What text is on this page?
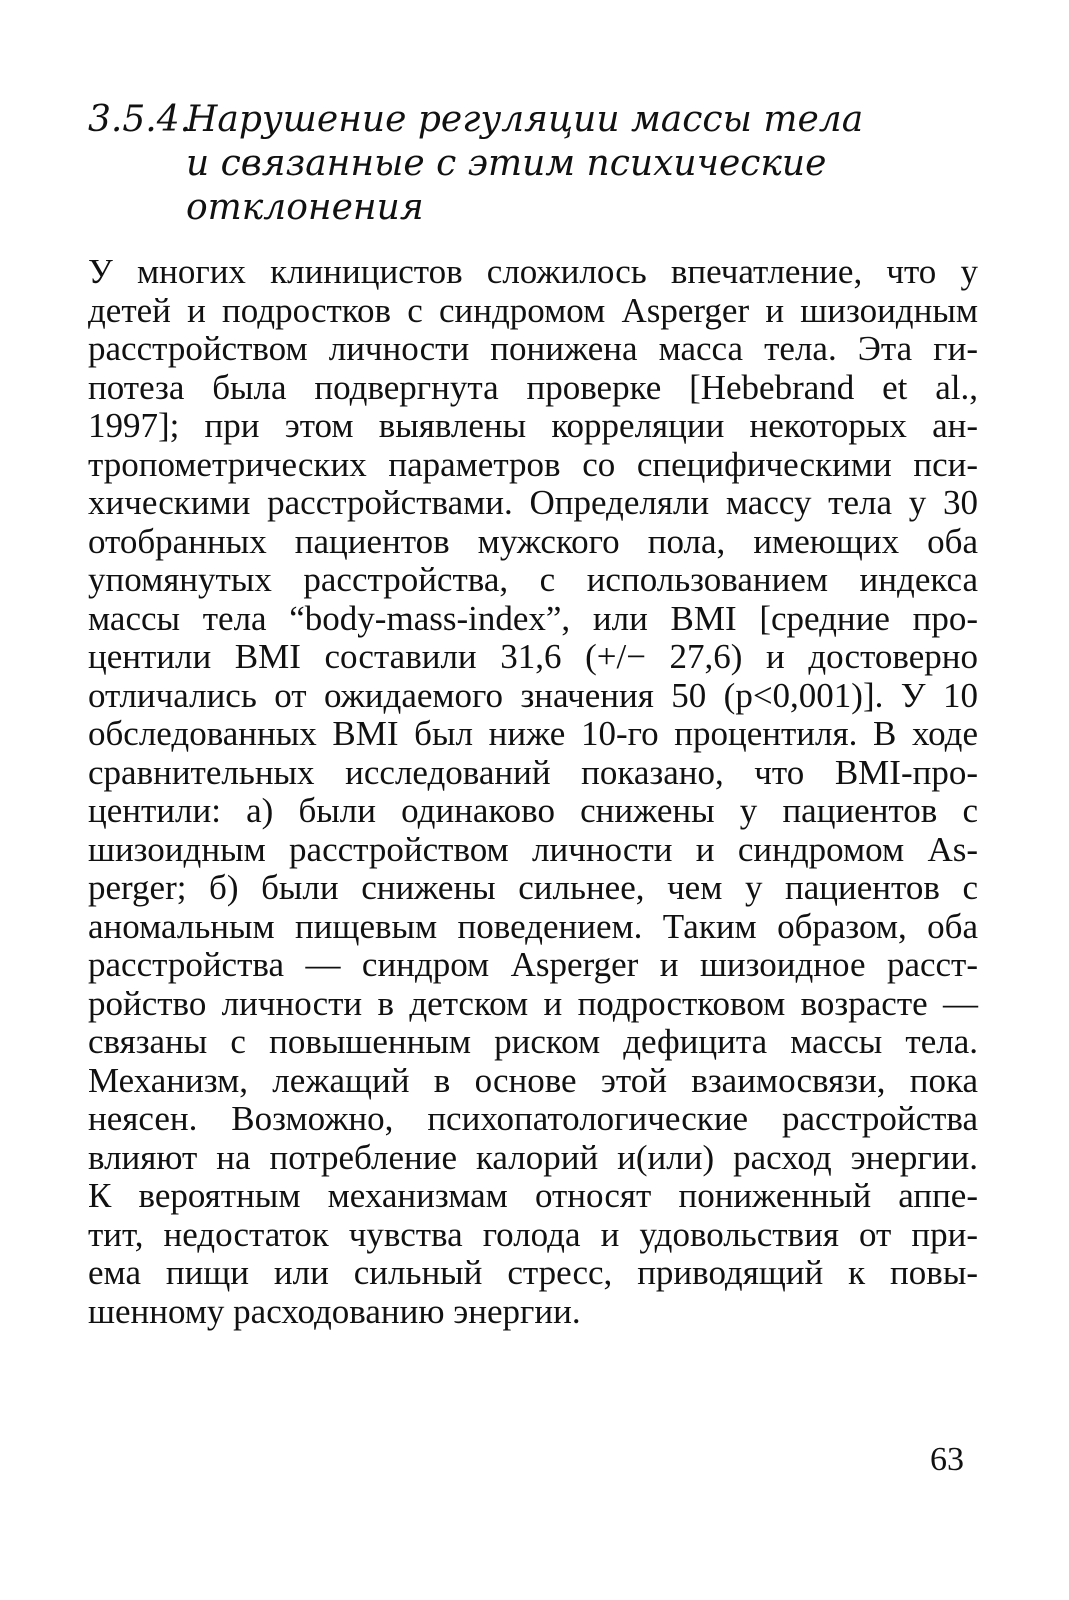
3.5.4.
Нарушение регуляции массы тела
и связанные с этим психические
отклонения
У многих клиницистов сложилось впечатление, что у
детей и подростков с синдромом Asperger и шизоидным
расстройством личности понижена масса тела. Эта ги-
потеза была подвергнута проверке [Hebebrand et al.,
1997]; при этом выявлены корреляции некоторых ан-
тропометрических параметров со специфическими пси-
хическими расстройствами. Определяли массу тела у 30
отобранных пациентов мужского пола, имеющих оба
упомянутых расстройства, с использованием индекса
массы тела “body-mass-index”, или BMI [средние про-
центили BMI составили 31,6 (+/− 27,6) и достоверно
отличались от ожидаемого значения 50 (p<0,001)]. У 10
обследованных BMI был ниже 10-го процентиля. В ходе
сравнительных исследований показано, что BMI-про-
центили: а) были одинаково снижены у пациентов с
шизоидным расстройством личности и синдромом As-
perger; б) были снижены сильнее, чем у пациентов с
аномальным пищевым поведением. Таким образом, оба
расстройства — синдром Asperger и шизоидное расст-
ройство личности в детском и подростковом возрасте —
связаны с повышенным риском дефицита массы тела.
Механизм, лежащий в основе этой взаимосвязи, пока
неясен. Возможно, психопатологические расстройства
влияют на потребление калорий и(или) расход энергии.
К вероятным механизмам относят пониженный аппе-
тит, недостаток чувства голода и удовольствия от при-
ема пищи или сильный стресс, приводящий к повы-
шенному расходованию энергии.
63
